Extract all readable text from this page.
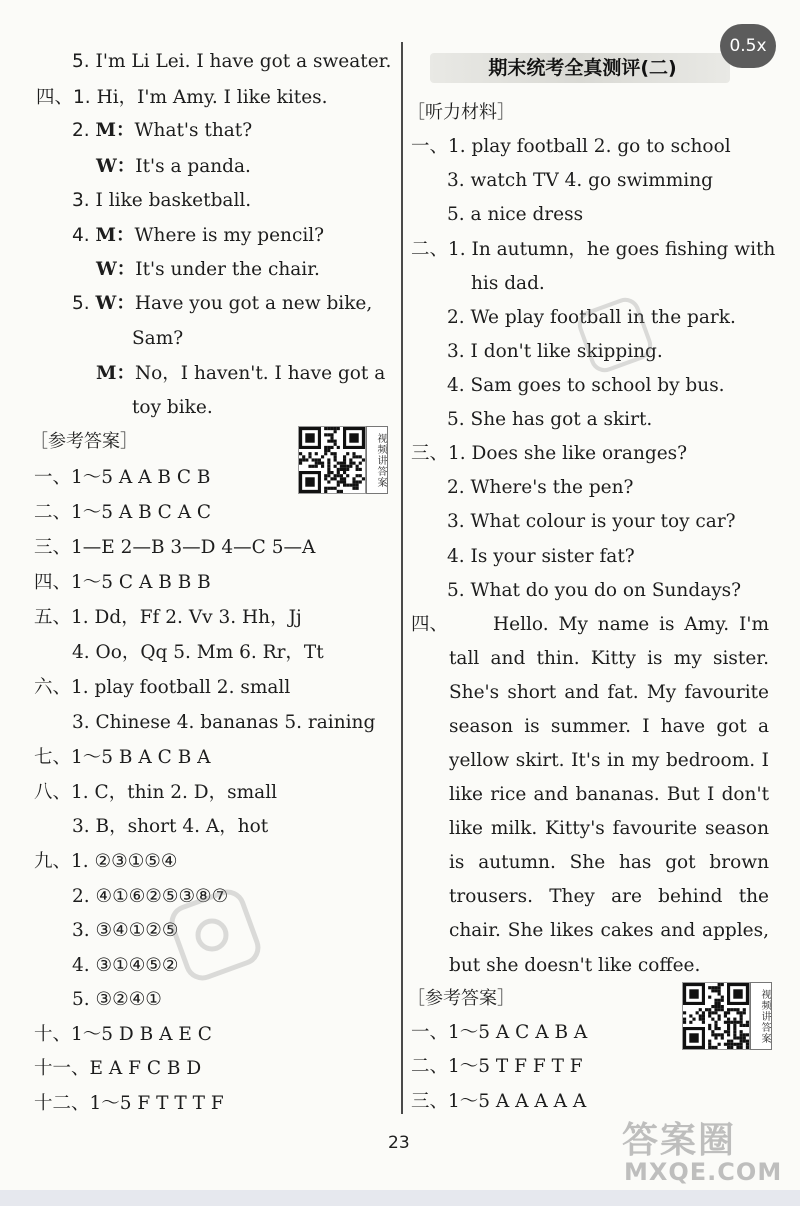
5. I'm Li Lei. I have got a sweater.
四、1. Hi，I'm Amy. I like kites.
2. M：What's that?
W：It's a panda.
3. I like basketball.
4. M：Where is my pencil?
W：It's under the chair.
5. W：Have you got a new bike,
Sam?
M：No，I haven't. I have got a
toy bike.
［参考答案］
一、1～5 A A B C B
二、1～5 A B C A C
三、1—E 2—B 3—D 4—C 5—A
四、1～5 C A B B B
五、1. Dd，Ff 2. Vv 3. Hh，Jj
4. Oo，Qq 5. Mm 6. Rr，Tt
六、1. play football 2. small
3. Chinese 4. bananas 5. raining
七、1～5 B A C B A
八、1. C，thin 2. D，small
3. B，short 4. A，hot
九、1. ②③①⑤④
2. ④①⑥②⑤③⑧⑦
3. ③④①②⑤
4. ③①④⑤②
5. ③②④①
十、1～5 D B A E C
十一、E A F C B D
十二、1～5 F T T T F
期末统考全真测评(二)
0.5x
［听力材料］
一、1. play football 2. go to school
3. watch TV 4. go swimming
5. a nice dress
二、1. In autumn，he goes fishing with
his dad.
2. We play football in the park.
3. I don't like skipping.
4. Sam goes to school by bus.
5. She has got a skirt.
三、1. Does she like oranges?
2. Where's the pen?
3. What colour is your toy car?
4. Is your sister fat?
5. What do you do on Sundays?
四、 Hello. My name is Amy. I'm
tall and thin. Kitty is my sister.
She's short and fat. My favourite
season is summer. I have got a
yellow skirt. It's in my bedroom. I
like rice and bananas. But I don't
like milk. Kitty's favourite season
is autumn. She has got brown
trousers. They are behind the
chair. She likes cakes and apples,
but she doesn't like coffee.
［参考答案］
一、1～5 A C A B A
二、1～5 T F F T F
三、1～5 A A A A A
视频讲答案
视频讲答案
23	答案圈
MXQE.COM
